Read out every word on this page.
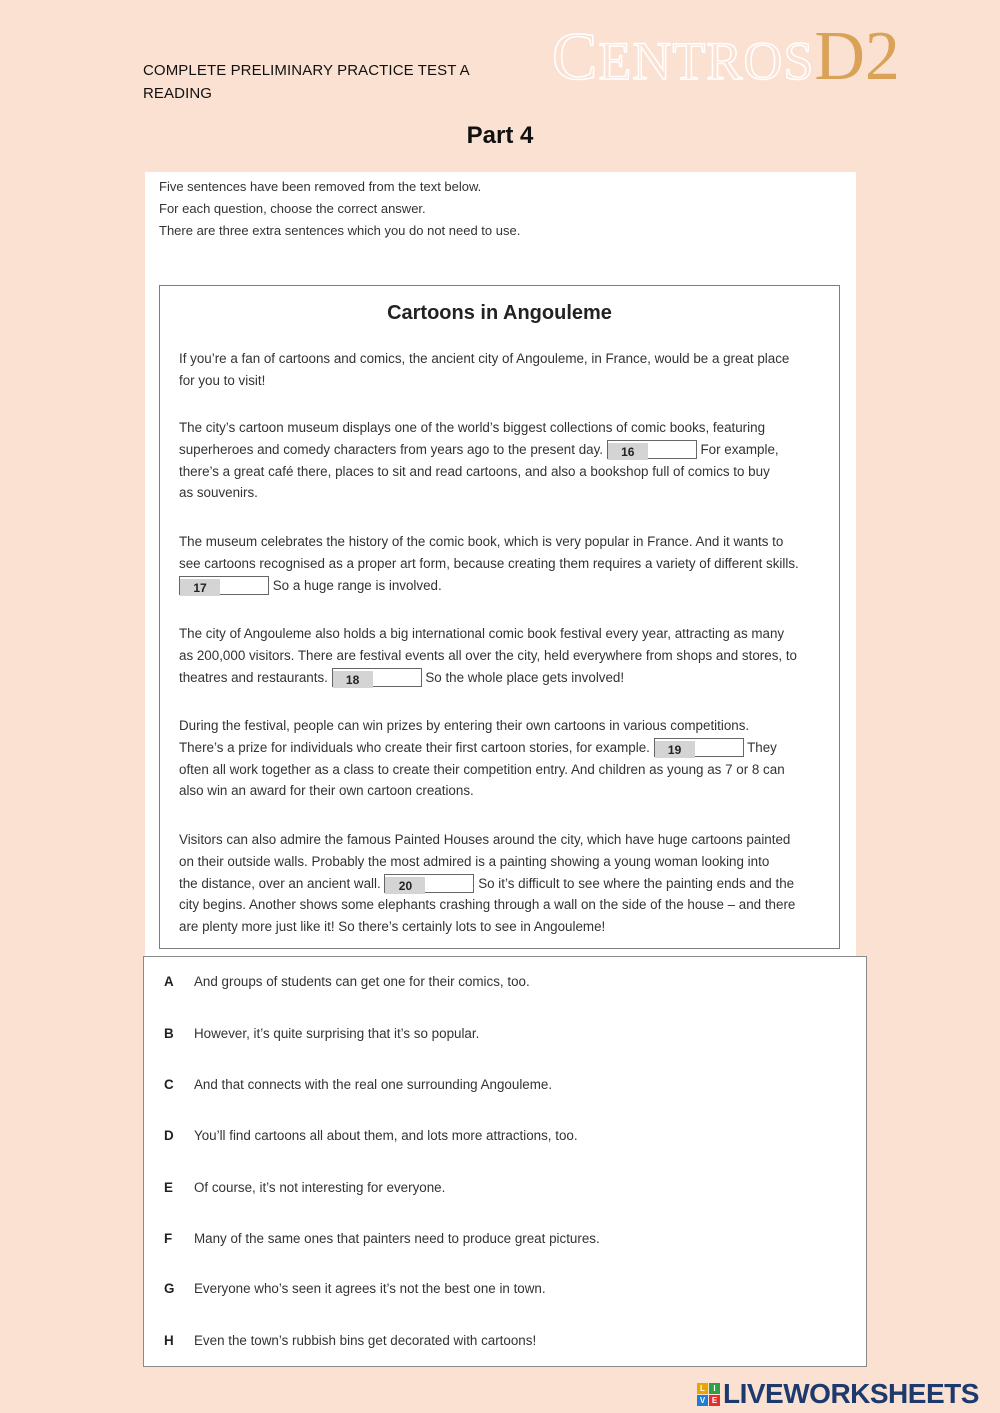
COMPLETE PRELIMINARY PRACTICE TEST A
READING	CENTROSD2
Part 4
Five sentences have been removed from the text below.
For each question, choose the correct answer.
There are three extra sentences which you do not need to use.
Cartoons in Angouleme
If you’re a fan of cartoons and comics, the ancient city of Angouleme, in France, would be a great place
for you to visit!
The city’s cartoon museum displays one of the world’s biggest collections of comic books, featuring
superheroes and comedy characters from years ago to the present day. 16	For example,
there’s a great café there, places to sit and read cartoons, and also a bookshop full of comics to buy
as souvenirs.
The museum celebrates the history of the comic book, which is very popular in France. And it wants to
see cartoons recognised as a proper art form, because creating them requires a variety of different skills.
17	So a huge range is involved.
The city of Angouleme also holds a big international comic book festival every year, attracting as many
as 200,000 visitors. There are festival events all over the city, held everywhere from shops and stores, to
theatres and restaurants. 18	So the whole place gets involved!
During the festival, people can win prizes by entering their own cartoons in various competitions.
There’s a prize for individuals who create their first cartoon stories, for example. 19	They
often all work together as a class to create their competition entry. And children as young as 7 or 8 can
also win an award for their own cartoon creations.
Visitors can also admire the famous Painted Houses around the city, which have huge cartoons painted
on their outside walls. Probably the most admired is a painting showing a young woman looking into
the distance, over an ancient wall. 20	So it’s difficult to see where the painting ends and the
city begins. Another shows some elephants crashing through a wall on the side of the house – and there
are plenty more just like it! So there’s certainly lots to see in Angouleme!
A And groups of students can get one for their comics, too.
B However, it’s quite surprising that it’s so popular.
C And that connects with the real one surrounding Angouleme.
D You’ll find cartoons all about them, and lots more attractions, too.
E Of course, it’s not interesting for everyone.
F Many of the same ones that painters need to produce great pictures.
G Everyone who’s seen it agrees it’s not the best one in town.
H Even the town’s rubbish bins get decorated with cartoons!
L	I
V E LIVEWORKSHEETS
